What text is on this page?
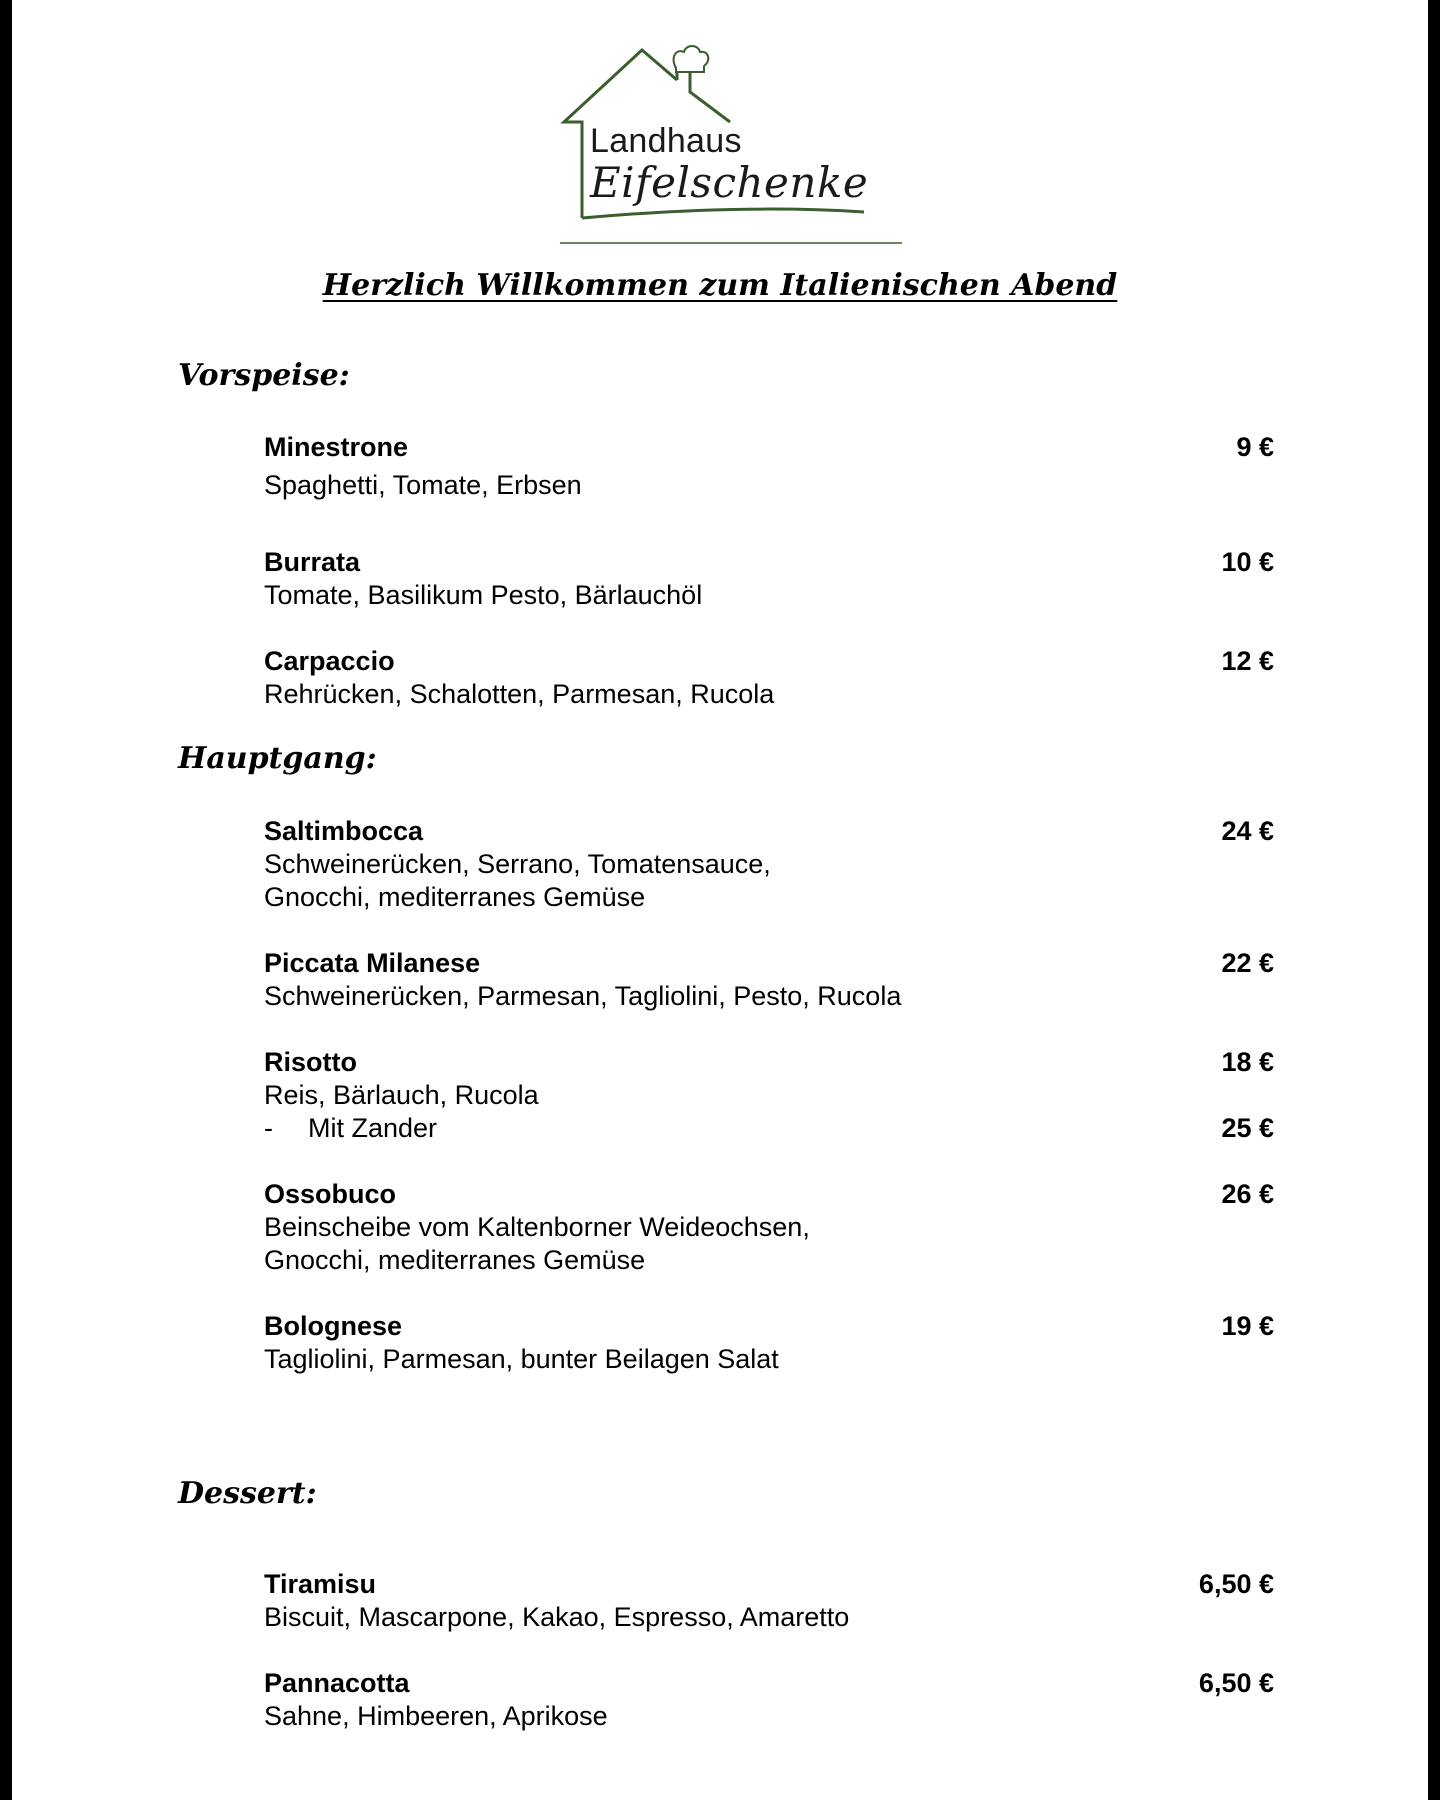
Landhaus
Eifelschenke
Herzlich Willkommen zum Italienischen Abend
Vorspeise:
Minestrone
Spaghetti, Tomate, Erbsen
9 €
Burrata
Tomate, Basilikum Pesto, Bärlauchöl
10 €
Carpaccio
Rehrücken, Schalotten, Parmesan, Rucola
12 €
Hauptgang:
Saltimbocca
Schweinerücken, Serrano, Tomatensauce,
Gnocchi, mediterranes Gemüse
24 €
Piccata Milanese
Schweinerücken, Parmesan, Tagliolini, Pesto, Rucola
22 €
Risotto
Reis, Bärlauch, Rucola
- Mit Zander	25 €
18 €
Ossobuco
Beinscheibe vom Kaltenborner Weideochsen,
Gnocchi, mediterranes Gemüse
26 €
Bolognese
Tagliolini, Parmesan, bunter Beilagen Salat
19 €
Dessert:
Tiramisu
Biscuit, Mascarpone, Kakao, Espresso, Amaretto
6,50 €
Pannacotta
Sahne, Himbeeren, Aprikose
6,50 €
